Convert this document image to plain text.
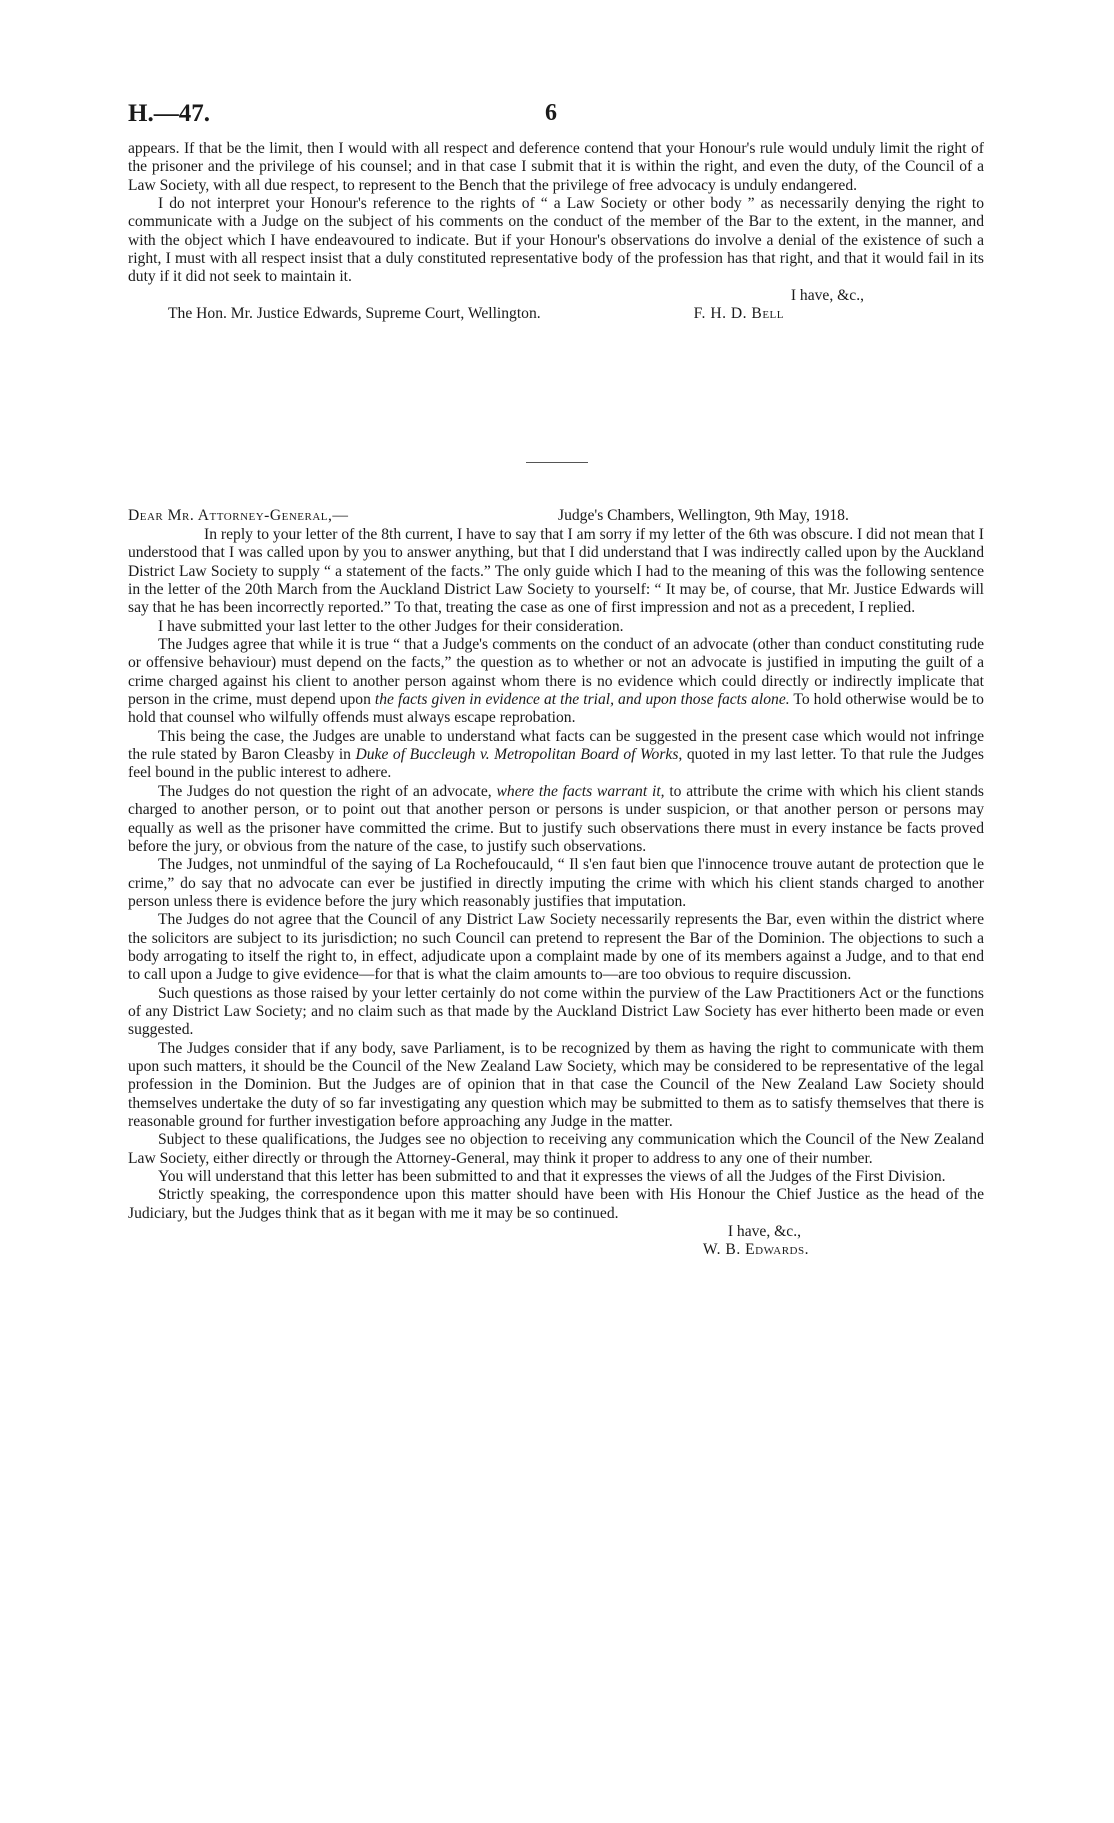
H.—47.	6

appears. If that be the limit, then I would with all respect and deference contend that your Honour's rule would unduly limit the right of the prisoner and the privilege of his counsel; and in that case I submit that it is within the right, and even the duty, of the Council of a Law Society, with all due respect, to represent to the Bench that the privilege of free advocacy is unduly endangered.

I do not interpret your Honour's reference to the rights of “ a Law Society or other body ” as necessarily denying the right to communicate with a Judge on the subject of his comments on the conduct of the member of the Bar to the extent, in the manner, and with the object which I have endeavoured to indicate. But if your Honour's observations do involve a denial of the existence of such a right, I must with all respect insist that a duly constituted representative body of the profession has that right, and that it would fail in its duty if it did not seek to maintain it.

I have, &c.,
The Hon. Mr. Justice Edwards, Supreme Court, Wellington.	F. H. D. Bell
Dear Mr. Attorney-General,—	Judge's Chambers, Wellington, 9th May, 1918.

In reply to your letter of the 8th current, I have to say that I am sorry if my letter of the 6th was obscure. I did not mean that I understood that I was called upon by you to answer anything, but that I did understand that I was indirectly called upon by the Auckland District Law Society to supply “ a statement of the facts.” The only guide which I had to the meaning of this was the following sentence in the letter of the 20th March from the Auckland District Law Society to yourself: “ It may be, of course, that Mr. Justice Edwards will say that he has been incorrectly reported.” To that, treating the case as one of first impression and not as a precedent, I replied.

I have submitted your last letter to the other Judges for their consideration.

The Judges agree that while it is true “ that a Judge's comments on the conduct of an advocate (other than conduct constituting rude or offensive behaviour) must depend on the facts,” the question as to whether or not an advocate is justified in imputing the guilt of a crime charged against his client to another person against whom there is no evidence which could directly or indirectly implicate that person in the crime, must depend upon the facts given in evidence at the trial, and upon those facts alone. To hold otherwise would be to hold that counsel who wilfully offends must always escape reprobation.

This being the case, the Judges are unable to understand what facts can be suggested in the present case which would not infringe the rule stated by Baron Cleasby in Duke of Buccleugh v. Metropolitan Board of Works, quoted in my last letter. To that rule the Judges feel bound in the public interest to adhere.

The Judges do not question the right of an advocate, where the facts warrant it, to attribute the crime with which his client stands charged to another person, or to point out that another person or persons is under suspicion, or that another person or persons may equally as well as the prisoner have committed the crime. But to justify such observations there must in every instance be facts proved before the jury, or obvious from the nature of the case, to justify such observations.

The Judges, not unmindful of the saying of La Rochefoucauld, “ Il s'en faut bien que l'innocence trouve autant de protection que le crime,” do say that no advocate can ever be justified in directly imputing the crime with which his client stands charged to another person unless there is evidence before the jury which reasonably justifies that imputation.

The Judges do not agree that the Council of any District Law Society necessarily represents the Bar, even within the district where the solicitors are subject to its jurisdiction; no such Council can pretend to represent the Bar of the Dominion. The objections to such a body arrogating to itself the right to, in effect, adjudicate upon a complaint made by one of its members against a Judge, and to that end to call upon a Judge to give evidence—for that is what the claim amounts to—are too obvious to require discussion.

Such questions as those raised by your letter certainly do not come within the purview of the Law Practitioners Act or the functions of any District Law Society; and no claim such as that made by the Auckland District Law Society has ever hitherto been made or even suggested.

The Judges consider that if any body, save Parliament, is to be recognized by them as having the right to communicate with them upon such matters, it should be the Council of the New Zealand Law Society, which may be considered to be representative of the legal profession in the Dominion. But the Judges are of opinion that in that case the Council of the New Zealand Law Society should themselves undertake the duty of so far investigating any question which may be submitted to them as to satisfy themselves that there is reasonable ground for further investigation before approaching any Judge in the matter.

Subject to these qualifications, the Judges see no objection to receiving any communication which the Council of the New Zealand Law Society, either directly or through the Attorney-General, may think it proper to address to any one of their number.

You will understand that this letter has been submitted to and that it expresses the views of all the Judges of the First Division.

Strictly speaking, the correspondence upon this matter should have been with His Honour the Chief Justice as the head of the Judiciary, but the Judges think that as it began with me it may be so continued.

I have, &c.,
W. B. Edwards.
